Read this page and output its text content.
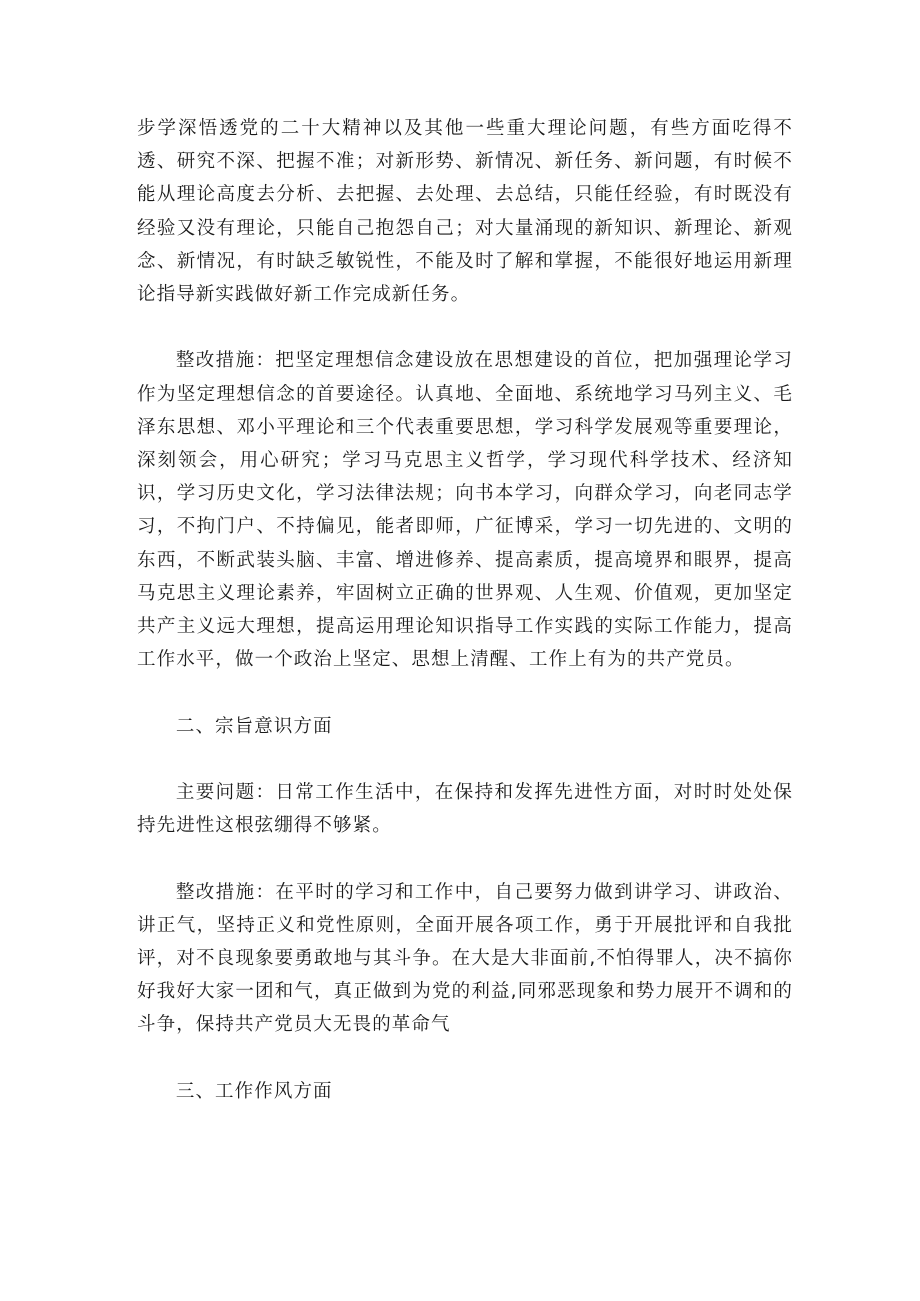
步学深悟透党的二十大精神以及其他一些重大理论问题，有些方面吃得不透、研究不深、把握不准；对新形势、新情况、新任务、新问题，有时候不能从理论高度去分析、去把握、去处理、去总结，只能任经验，有时既没有经验又没有理论，只能自己抱怨自己；对大量涌现的新知识、新理论、新观念、新情况，有时缺乏敏锐性，不能及时了解和掌握，不能很好地运用新理论指导新实践做好新工作完成新任务。

整改措施：把坚定理想信念建设放在思想建设的首位，把加强理论学习作为坚定理想信念的首要途径。认真地、全面地、系统地学习马列主义、毛泽东思想、邓小平理论和三个代表重要思想，学习科学发展观等重要理论，深刻领会，用心研究；学习马克思主义哲学，学习现代科学技术、经济知识，学习历史文化，学习法律法规；向书本学习，向群众学习，向老同志学习，不拘门户、不持偏见，能者即师，广征博采，学习一切先进的、文明的东西，不断武装头脑、丰富、增进修养、提高素质，提高境界和眼界，提高马克思主义理论素养，牢固树立正确的世界观、人生观、价值观，更加坚定共产主义远大理想，提高运用理论知识指导工作实践的实际工作能力，提高工作水平，做一个政治上坚定、思想上清醒、工作上有为的共产党员。

二、宗旨意识方面

主要问题：日常工作生活中，在保持和发挥先进性方面，对时时处处保持先进性这根弦绷得不够紧。

整改措施：在平时的学习和工作中，自己要努力做到讲学习、讲政治、讲正气，坚持正义和党性原则，全面开展各项工作，勇于开展批评和自我批评，对不良现象要勇敢地与其斗争。在大是大非面前,不怕得罪人，决不搞你好我好大家一团和气，真正做到为党的利益,同邪恶现象和势力展开不调和的斗争，保持共产党员大无畏的革命气

三、工作作风方面
